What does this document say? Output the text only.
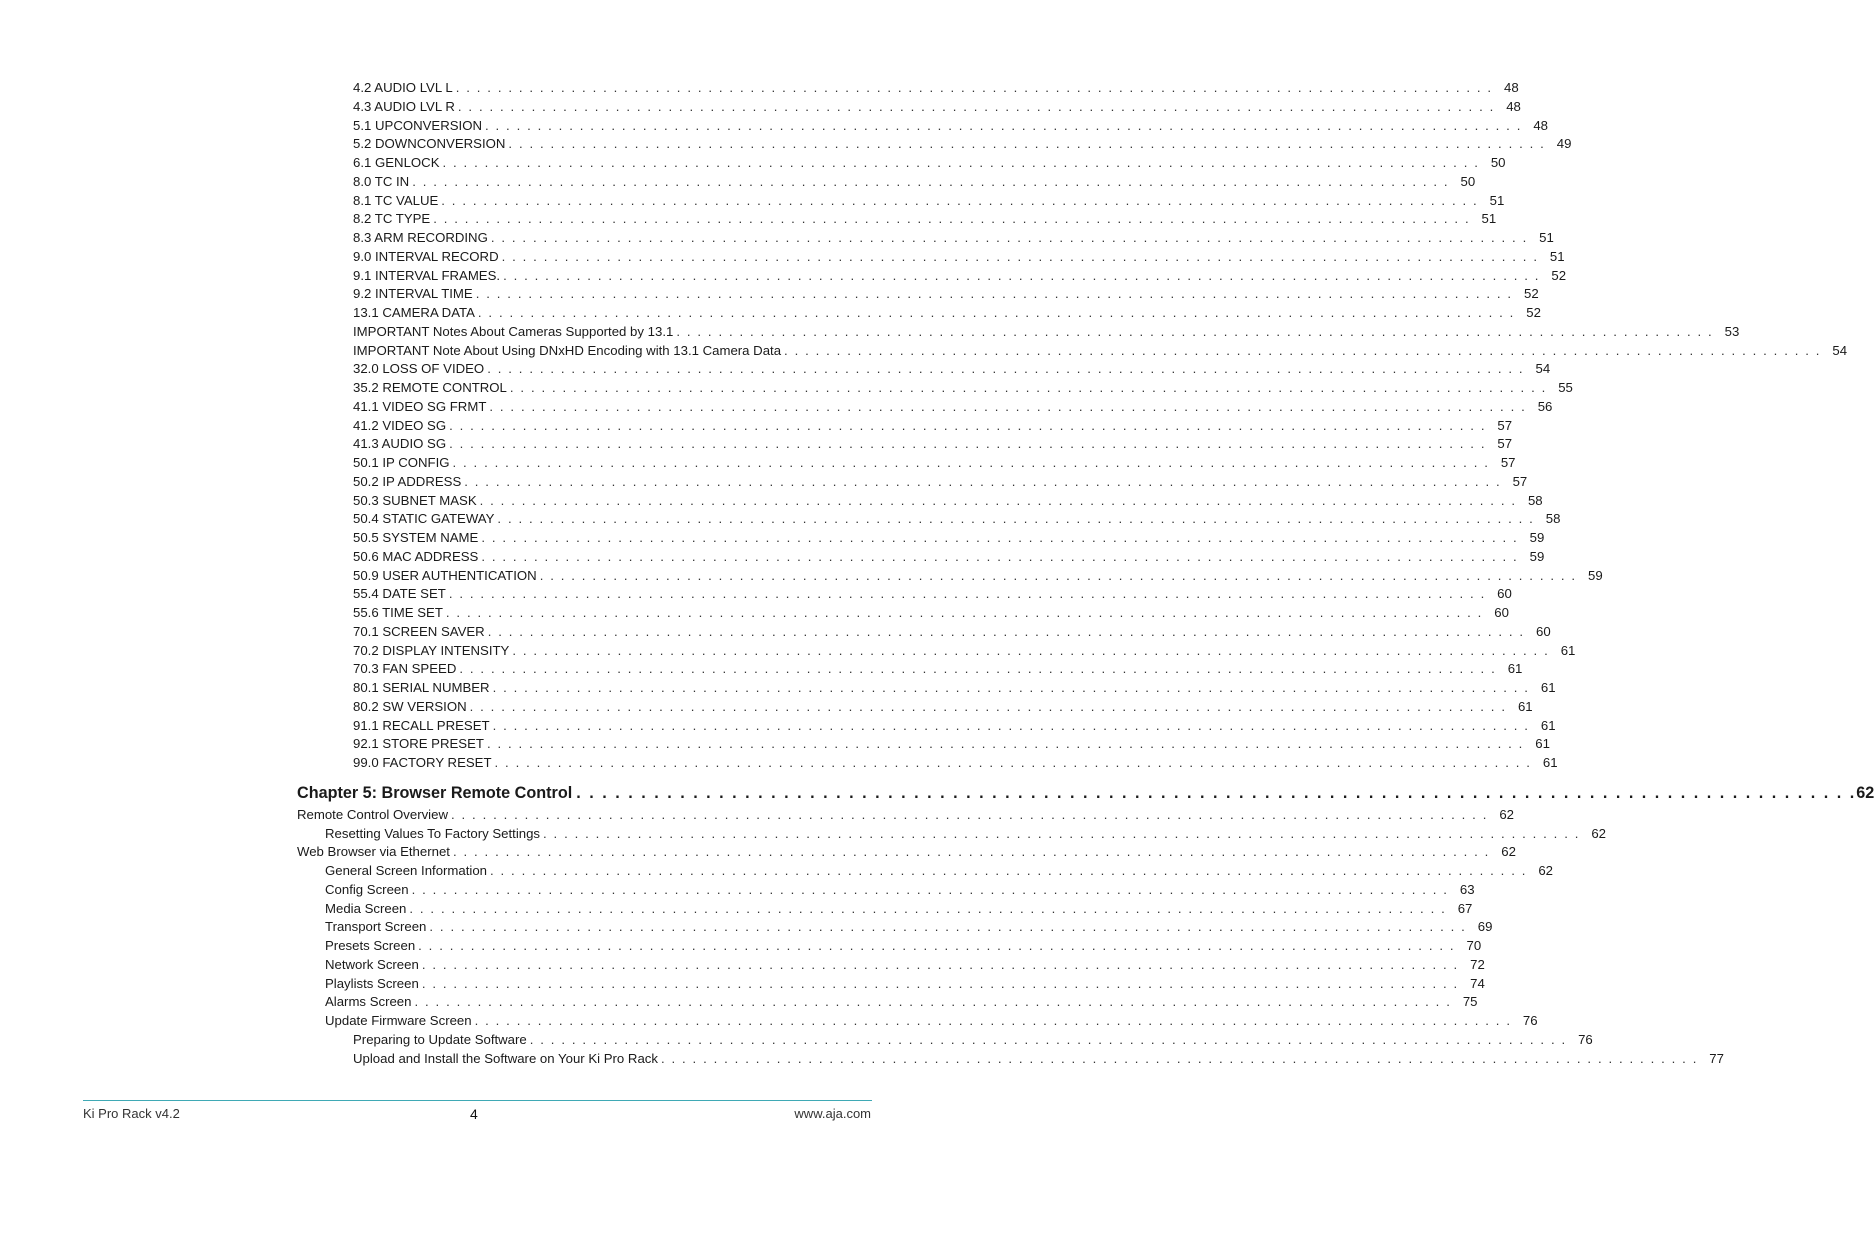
4.2 AUDIO LVL L . . . . . . . . . . . . . . . . . . . . . . . . . . . . . . . . . . . . . . . . . . . . . . . . . . . . . . . . . . . . . . . . . . . . . . . . . . . . . . . . . . . . . . . . . . . . . . . . . . . 48
4.3 AUDIO LVL R . . . . . . . . . . . . . . . . . . . . . . . . . . . . . . . . . . . . . . . . . . . . . . . . . . . . . . . . . . . . . . . . . . . . . . . . . . . . . . . . . . . . . . . . . . . . . . . . . . . 48
5.1 UPCONVERSION . . . . . . . . . . . . . . . . . . . . . . . . . . . . . . . . . . . . . . . . . . . . . . . . . . . . . . . . . . . . . . . . . . . . . . . . . . . . . . . . . . . . . . . . . . . . . . . . . . . 48
5.2 DOWNCONVERSION . . . . . . . . . . . . . . . . . . . . . . . . . . . . . . . . . . . . . . . . . . . . . . . . . . . . . . . . . . . . . . . . . . . . . . . . . . . . . . . . . . . . . . . . . . . . . . . . . . . 49
6.1 GENLOCK . . . . . . . . . . . . . . . . . . . . . . . . . . . . . . . . . . . . . . . . . . . . . . . . . . . . . . . . . . . . . . . . . . . . . . . . . . . . . . . . . . . . . . . . . . . . . . . . . . . 50
8.0 TC IN . . . . . . . . . . . . . . . . . . . . . . . . . . . . . . . . . . . . . . . . . . . . . . . . . . . . . . . . . . . . . . . . . . . . . . . . . . . . . . . . . . . . . . . . . . . . . . . . . . . 50
8.1 TC VALUE . . . . . . . . . . . . . . . . . . . . . . . . . . . . . . . . . . . . . . . . . . . . . . . . . . . . . . . . . . . . . . . . . . . . . . . . . . . . . . . . . . . . . . . . . . . . . . . . . . . 51
8.2 TC TYPE . . . . . . . . . . . . . . . . . . . . . . . . . . . . . . . . . . . . . . . . . . . . . . . . . . . . . . . . . . . . . . . . . . . . . . . . . . . . . . . . . . . . . . . . . . . . . . . . . . . 51
8.3 ARM RECORDING . . . . . . . . . . . . . . . . . . . . . . . . . . . . . . . . . . . . . . . . . . . . . . . . . . . . . . . . . . . . . . . . . . . . . . . . . . . . . . . . . . . . . . . . . . . . . . . . . . . 51
9.0 INTERVAL RECORD . . . . . . . . . . . . . . . . . . . . . . . . . . . . . . . . . . . . . . . . . . . . . . . . . . . . . . . . . . . . . . . . . . . . . . . . . . . . . . . . . . . . . . . . . . . . . . . . . . . 51
9.1 INTERVAL FRAMES. . . . . . . . . . . . . . . . . . . . . . . . . . . . . . . . . . . . . . . . . . . . . . . . . . . . . . . . . . . . . . . . . . . . . . . . . . . . . . . . . . . . . . . . . . . . . . . . . . . . 52
9.2 INTERVAL TIME . . . . . . . . . . . . . . . . . . . . . . . . . . . . . . . . . . . . . . . . . . . . . . . . . . . . . . . . . . . . . . . . . . . . . . . . . . . . . . . . . . . . . . . . . . . . . . . . . . . 52
13.1 CAMERA DATA . . . . . . . . . . . . . . . . . . . . . . . . . . . . . . . . . . . . . . . . . . . . . . . . . . . . . . . . . . . . . . . . . . . . . . . . . . . . . . . . . . . . . . . . . . . . . . . . . . . 52
IMPORTANT Notes About Cameras Supported by 13.1 . . . . . . . . . . . . . . . . . . . . . . . . . . . . . . . . . . . . . . . . . . . . . . . . . . . . . . . . . . . . . . . . . . . . . . . . . . . . . . . . . . . . . . . . . . . . . . . . . . . 53
IMPORTANT Note About Using DNxHD Encoding with 13.1 Camera Data . . . . . . . . . . . . . . . . . . . . . . . . . . . . . . . . . . . . . . . . . . . . . . . . . . . . . . . . . . . . . . . . . . . . . . . . . . . . . . . . . . . . . . . . . . . . . . . . . . . 54
32.0 LOSS OF VIDEO . . . . . . . . . . . . . . . . . . . . . . . . . . . . . . . . . . . . . . . . . . . . . . . . . . . . . . . . . . . . . . . . . . . . . . . . . . . . . . . . . . . . . . . . . . . . . . . . . . . 54
35.2 REMOTE CONTROL . . . . . . . . . . . . . . . . . . . . . . . . . . . . . . . . . . . . . . . . . . . . . . . . . . . . . . . . . . . . . . . . . . . . . . . . . . . . . . . . . . . . . . . . . . . . . . . . . . . 55
41.1 VIDEO SG FRMT . . . . . . . . . . . . . . . . . . . . . . . . . . . . . . . . . . . . . . . . . . . . . . . . . . . . . . . . . . . . . . . . . . . . . . . . . . . . . . . . . . . . . . . . . . . . . . . . . . . 56
41.2 VIDEO SG . . . . . . . . . . . . . . . . . . . . . . . . . . . . . . . . . . . . . . . . . . . . . . . . . . . . . . . . . . . . . . . . . . . . . . . . . . . . . . . . . . . . . . . . . . . . . . . . . . . 57
41.3 AUDIO SG . . . . . . . . . . . . . . . . . . . . . . . . . . . . . . . . . . . . . . . . . . . . . . . . . . . . . . . . . . . . . . . . . . . . . . . . . . . . . . . . . . . . . . . . . . . . . . . . . . . 57
50.1 IP CONFIG . . . . . . . . . . . . . . . . . . . . . . . . . . . . . . . . . . . . . . . . . . . . . . . . . . . . . . . . . . . . . . . . . . . . . . . . . . . . . . . . . . . . . . . . . . . . . . . . . . . 57
50.2 IP ADDRESS . . . . . . . . . . . . . . . . . . . . . . . . . . . . . . . . . . . . . . . . . . . . . . . . . . . . . . . . . . . . . . . . . . . . . . . . . . . . . . . . . . . . . . . . . . . . . . . . . . . 57
50.3 SUBNET MASK . . . . . . . . . . . . . . . . . . . . . . . . . . . . . . . . . . . . . . . . . . . . . . . . . . . . . . . . . . . . . . . . . . . . . . . . . . . . . . . . . . . . . . . . . . . . . . . . . . . 58
50.4 STATIC GATEWAY . . . . . . . . . . . . . . . . . . . . . . . . . . . . . . . . . . . . . . . . . . . . . . . . . . . . . . . . . . . . . . . . . . . . . . . . . . . . . . . . . . . . . . . . . . . . . . . . . . . 58
50.5 SYSTEM NAME . . . . . . . . . . . . . . . . . . . . . . . . . . . . . . . . . . . . . . . . . . . . . . . . . . . . . . . . . . . . . . . . . . . . . . . . . . . . . . . . . . . . . . . . . . . . . . . . . . . 59
50.6 MAC ADDRESS . . . . . . . . . . . . . . . . . . . . . . . . . . . . . . . . . . . . . . . . . . . . . . . . . . . . . . . . . . . . . . . . . . . . . . . . . . . . . . . . . . . . . . . . . . . . . . . . . . . 59
50.9 USER AUTHENTICATION . . . . . . . . . . . . . . . . . . . . . . . . . . . . . . . . . . . . . . . . . . . . . . . . . . . . . . . . . . . . . . . . . . . . . . . . . . . . . . . . . . . . . . . . . . . . . . . . . . . 59
55.4 DATE SET . . . . . . . . . . . . . . . . . . . . . . . . . . . . . . . . . . . . . . . . . . . . . . . . . . . . . . . . . . . . . . . . . . . . . . . . . . . . . . . . . . . . . . . . . . . . . . . . . . . 60
55.6 TIME SET . . . . . . . . . . . . . . . . . . . . . . . . . . . . . . . . . . . . . . . . . . . . . . . . . . . . . . . . . . . . . . . . . . . . . . . . . . . . . . . . . . . . . . . . . . . . . . . . . . . 60
70.1 SCREEN SAVER . . . . . . . . . . . . . . . . . . . . . . . . . . . . . . . . . . . . . . . . . . . . . . . . . . . . . . . . . . . . . . . . . . . . . . . . . . . . . . . . . . . . . . . . . . . . . . . . . . . 60
70.2 DISPLAY INTENSITY . . . . . . . . . . . . . . . . . . . . . . . . . . . . . . . . . . . . . . . . . . . . . . . . . . . . . . . . . . . . . . . . . . . . . . . . . . . . . . . . . . . . . . . . . . . . . . . . . . . 61
70.3 FAN SPEED . . . . . . . . . . . . . . . . . . . . . . . . . . . . . . . . . . . . . . . . . . . . . . . . . . . . . . . . . . . . . . . . . . . . . . . . . . . . . . . . . . . . . . . . . . . . . . . . . . . 61
80.1 SERIAL NUMBER . . . . . . . . . . . . . . . . . . . . . . . . . . . . . . . . . . . . . . . . . . . . . . . . . . . . . . . . . . . . . . . . . . . . . . . . . . . . . . . . . . . . . . . . . . . . . . . . . . . 61
80.2 SW VERSION . . . . . . . . . . . . . . . . . . . . . . . . . . . . . . . . . . . . . . . . . . . . . . . . . . . . . . . . . . . . . . . . . . . . . . . . . . . . . . . . . . . . . . . . . . . . . . . . . . . 61
91.1 RECALL PRESET . . . . . . . . . . . . . . . . . . . . . . . . . . . . . . . . . . . . . . . . . . . . . . . . . . . . . . . . . . . . . . . . . . . . . . . . . . . . . . . . . . . . . . . . . . . . . . . . . . . 61
92.1 STORE PRESET . . . . . . . . . . . . . . . . . . . . . . . . . . . . . . . . . . . . . . . . . . . . . . . . . . . . . . . . . . . . . . . . . . . . . . . . . . . . . . . . . . . . . . . . . . . . . . . . . . . 61
99.0 FACTORY RESET . . . . . . . . . . . . . . . . . . . . . . . . . . . . . . . . . . . . . . . . . . . . . . . . . . . . . . . . . . . . . . . . . . . . . . . . . . . . . . . . . . . . . . . . . . . . . . . . . . . 61
Chapter 5: Browser Remote Control . . . . . . . . . . . . . . . . . . . . . . . . . . . . . . . . . . . . . . . . . . . . . . . . . . . . . . . . . . . . . . . . . . . . . . . . . . . . . . . . . . . . . . . . . . . . . . . . . . . 62
Remote Control Overview . . . . . . . . . . . . . . . . . . . . . . . . . . . . . . . . . . . . . . . . . . . . . . . . . . . . . . . . . . . . . . . . . . . . . . . . . . . . . . . . . . . . . . . . . . . . . . . . . . . 62
Resetting Values To Factory Settings . . . . . . . . . . . . . . . . . . . . . . . . . . . . . . . . . . . . . . . . . . . . . . . . . . . . . . . . . . . . . . . . . . . . . . . . . . . . . . . . . . . . . . . . . . . . . . . . . . . 62
Web Browser via Ethernet . . . . . . . . . . . . . . . . . . . . . . . . . . . . . . . . . . . . . . . . . . . . . . . . . . . . . . . . . . . . . . . . . . . . . . . . . . . . . . . . . . . . . . . . . . . . . . . . . . . 62
General Screen Information . . . . . . . . . . . . . . . . . . . . . . . . . . . . . . . . . . . . . . . . . . . . . . . . . . . . . . . . . . . . . . . . . . . . . . . . . . . . . . . . . . . . . . . . . . . . . . . . . . . 62
Config Screen . . . . . . . . . . . . . . . . . . . . . . . . . . . . . . . . . . . . . . . . . . . . . . . . . . . . . . . . . . . . . . . . . . . . . . . . . . . . . . . . . . . . . . . . . . . . . . . . . . . 63
Media Screen . . . . . . . . . . . . . . . . . . . . . . . . . . . . . . . . . . . . . . . . . . . . . . . . . . . . . . . . . . . . . . . . . . . . . . . . . . . . . . . . . . . . . . . . . . . . . . . . . . . 67
Transport Screen . . . . . . . . . . . . . . . . . . . . . . . . . . . . . . . . . . . . . . . . . . . . . . . . . . . . . . . . . . . . . . . . . . . . . . . . . . . . . . . . . . . . . . . . . . . . . . . . . . . 69
Presets Screen . . . . . . . . . . . . . . . . . . . . . . . . . . . . . . . . . . . . . . . . . . . . . . . . . . . . . . . . . . . . . . . . . . . . . . . . . . . . . . . . . . . . . . . . . . . . . . . . . . . 70
Network Screen . . . . . . . . . . . . . . . . . . . . . . . . . . . . . . . . . . . . . . . . . . . . . . . . . . . . . . . . . . . . . . . . . . . . . . . . . . . . . . . . . . . . . . . . . . . . . . . . . . . 72
Playlists Screen . . . . . . . . . . . . . . . . . . . . . . . . . . . . . . . . . . . . . . . . . . . . . . . . . . . . . . . . . . . . . . . . . . . . . . . . . . . . . . . . . . . . . . . . . . . . . . . . . . . 74
Alarms Screen . . . . . . . . . . . . . . . . . . . . . . . . . . . . . . . . . . . . . . . . . . . . . . . . . . . . . . . . . . . . . . . . . . . . . . . . . . . . . . . . . . . . . . . . . . . . . . . . . . . 75
Update Firmware Screen . . . . . . . . . . . . . . . . . . . . . . . . . . . . . . . . . . . . . . . . . . . . . . . . . . . . . . . . . . . . . . . . . . . . . . . . . . . . . . . . . . . . . . . . . . . . . . . . . . . 76
Preparing to Update Software . . . . . . . . . . . . . . . . . . . . . . . . . . . . . . . . . . . . . . . . . . . . . . . . . . . . . . . . . . . . . . . . . . . . . . . . . . . . . . . . . . . . . . . . . . . . . . . . . . . 76
Upload and Install the Software on Your Ki Pro Rack . . . . . . . . . . . . . . . . . . . . . . . . . . . . . . . . . . . . . . . . . . . . . . . . . . . . . . . . . . . . . . . . . . . . . . . . . . . . . . . . . . . . . . . . . . . . . . . . . . . 77
Ki Pro Rack v4.2	4	www.aja.com
